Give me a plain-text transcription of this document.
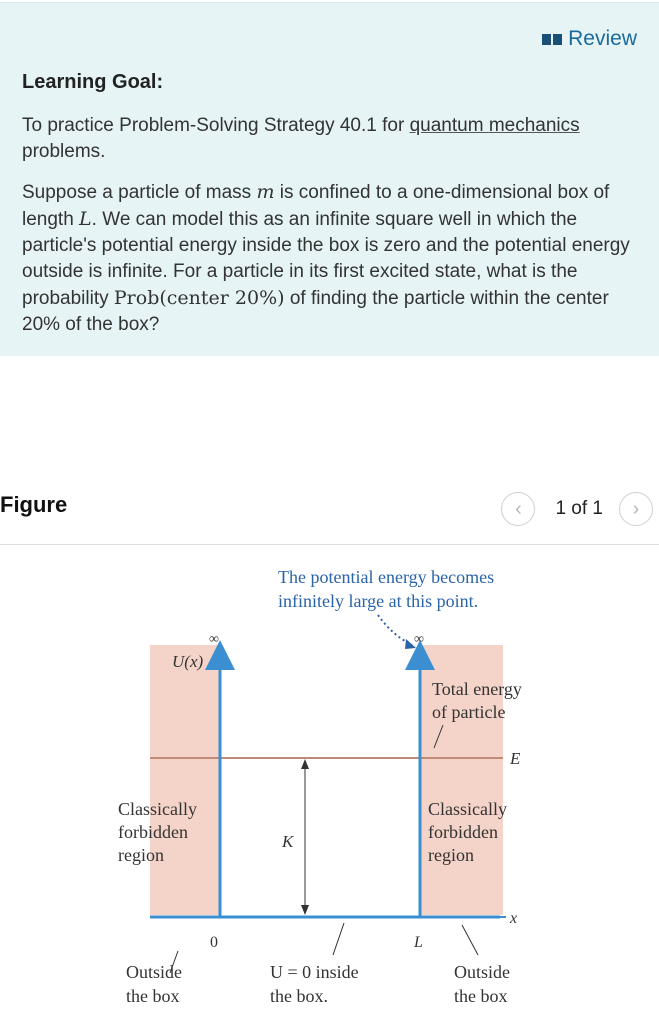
Review
Learning Goal:
To practice Problem-Solving Strategy 40.1 for quantum mechanics problems.
Suppose a particle of mass m is confined to a one-dimensional box of length L. We can model this as an infinite square well in which the particle's potential energy inside the box is zero and the potential energy outside is infinite. For a particle in its first excited state, what is the probability Prob(center 20%) of finding the particle within the center 20% of the box?
Figure	‹ 1 of 1 ›
The potential energy becomes
infinitely large at this point.
∞	∞
U(x)
Total energy
of particle
E
Classically
forbidden
region
Classically
forbidden
region
K
x
0	L
Outside
the box
U = 0 inside
the box.
Outside
the box
